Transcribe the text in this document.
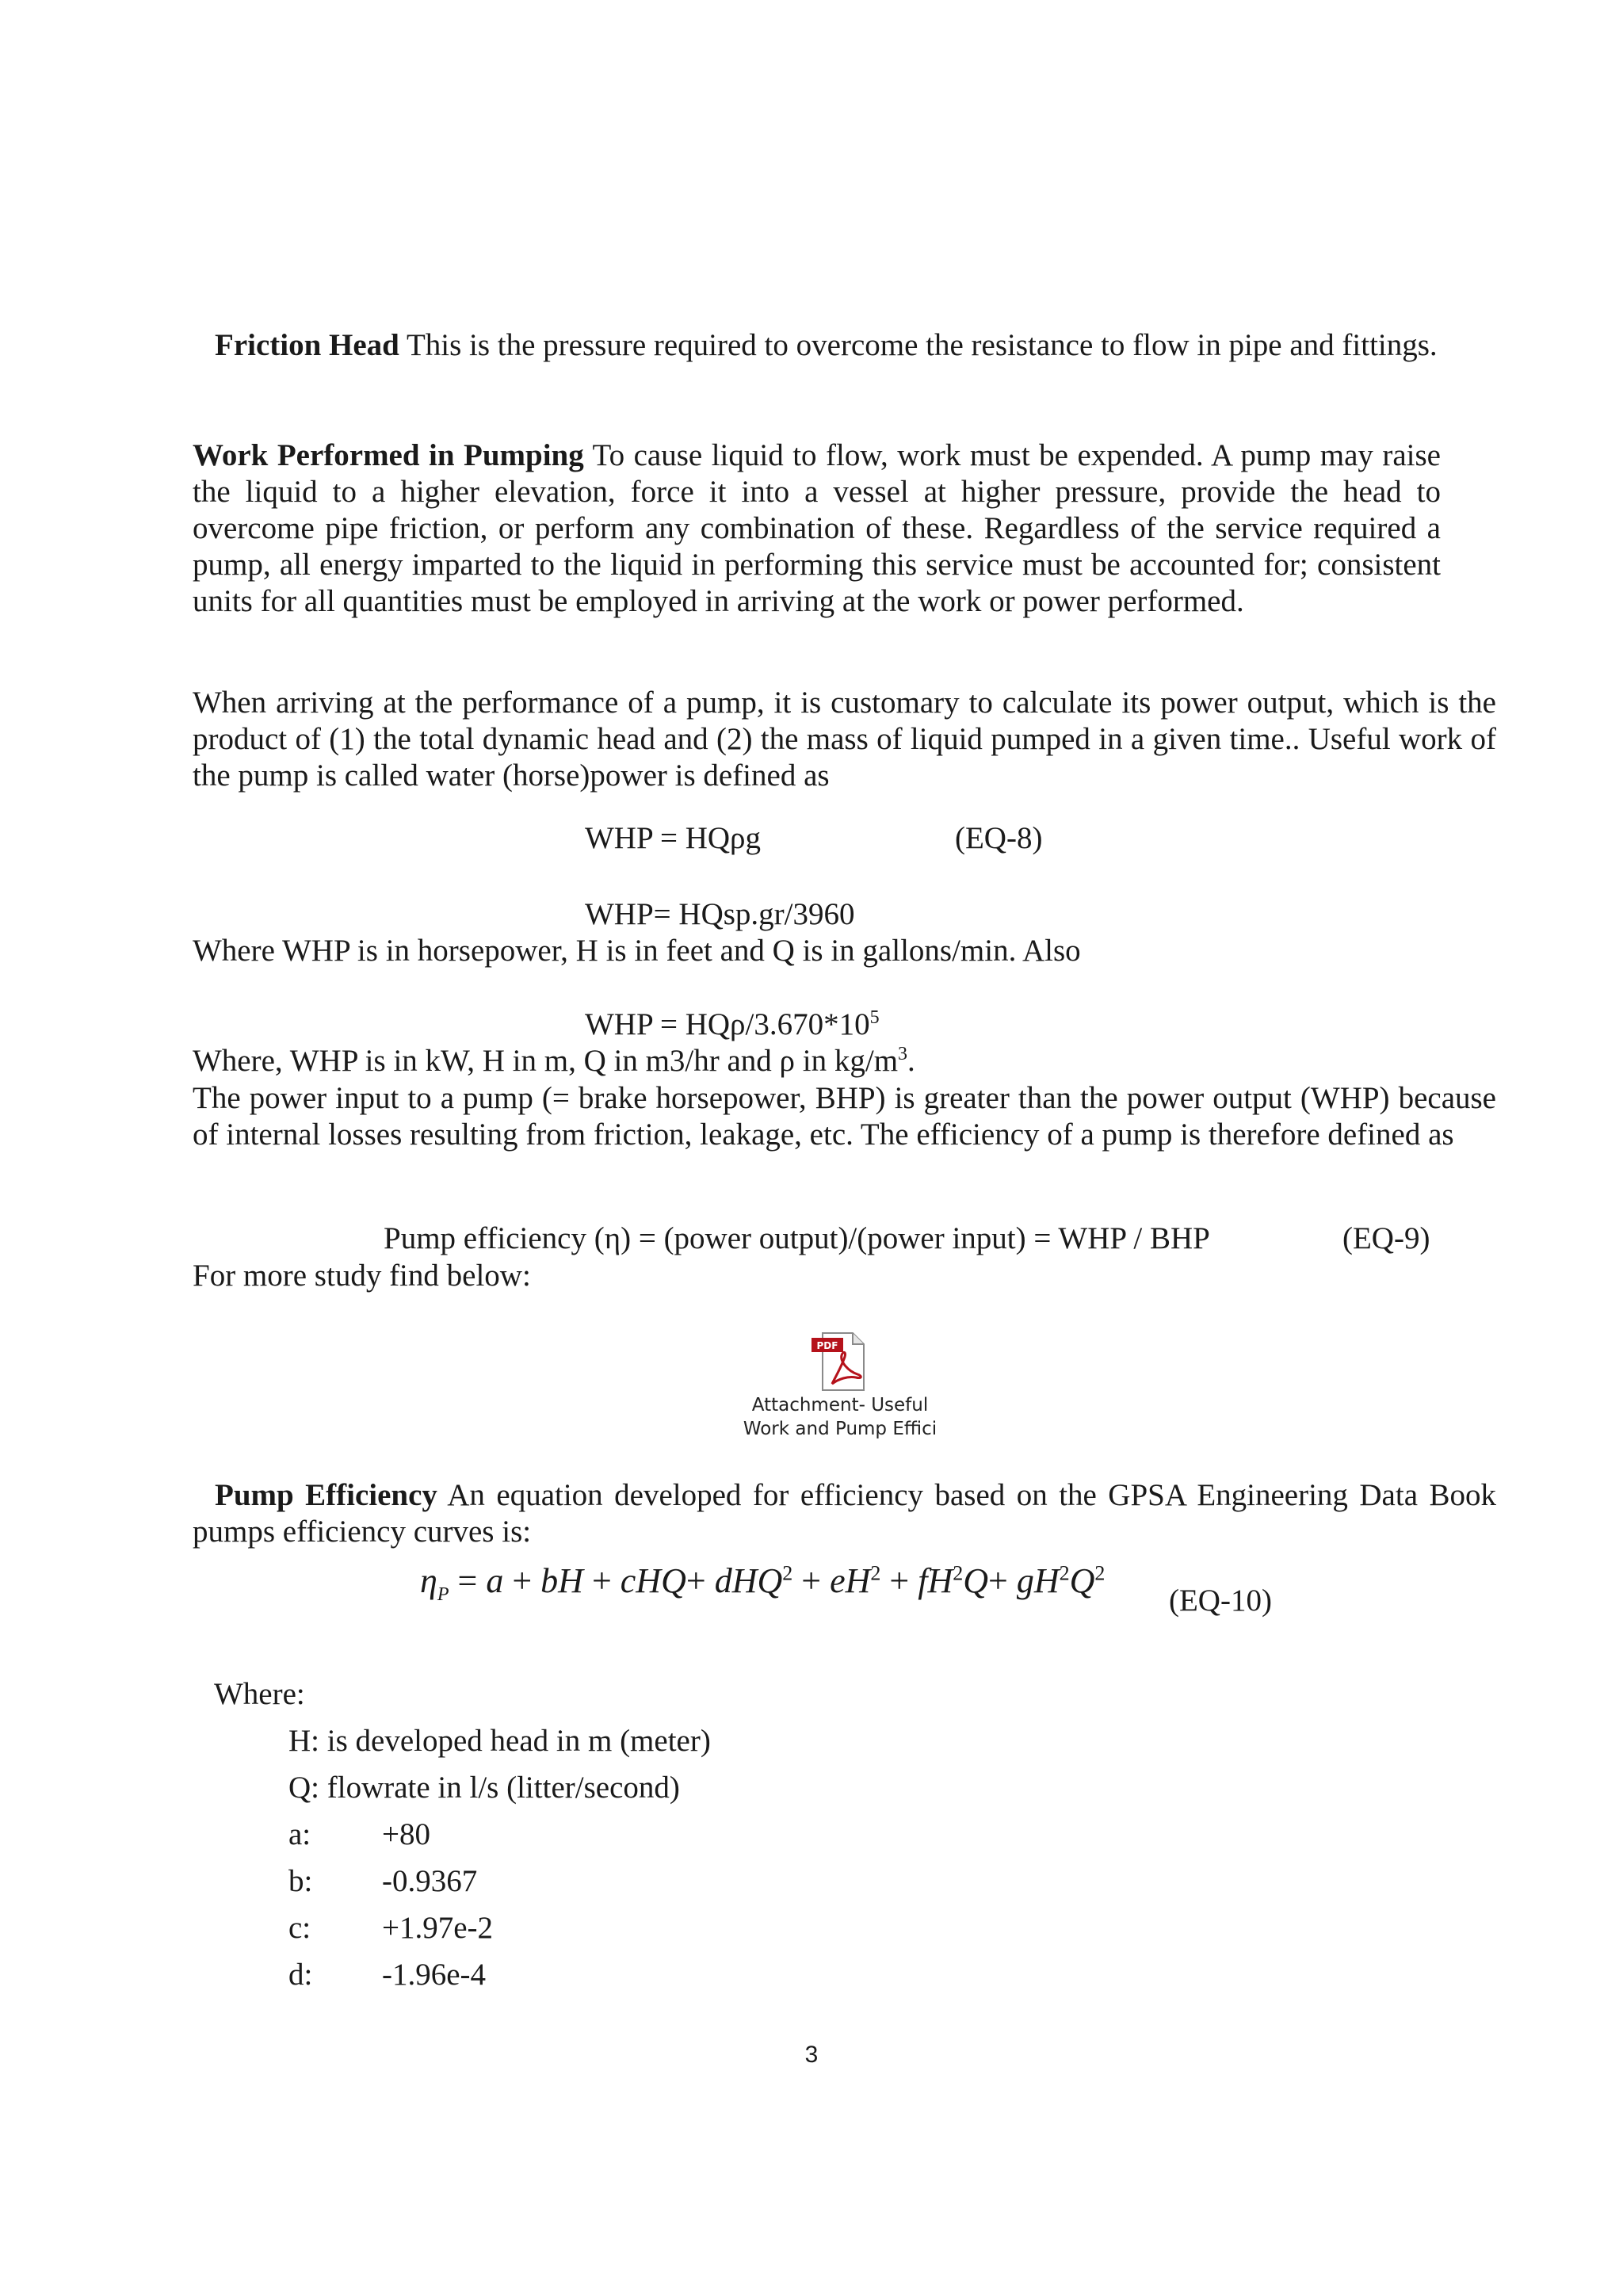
Friction Head This is the pressure required to overcome the resistance to flow in pipe and fittings.

Work Performed in Pumping To cause liquid to flow, work must be expended. A pump may raise the liquid to a higher elevation, force it into a vessel at higher pressure, provide the head to overcome pipe friction, or perform any combination of these. Regardless of the service required a pump, all energy imparted to the liquid in performing this service must be accounted for; consistent units for all quantities must be employed in arriving at the work or power performed.

When arriving at the performance of a pump, it is customary to calculate its power output, which is the product of (1) the total dynamic head and (2) the mass of liquid pumped in a given time.. Useful work of the pump is called water (horse)power is defined as

WHP = HQρg	(EQ-8)
WHP= HQsp.gr/3960
Where WHP is in horsepower, H is in feet and Q is in gallons/min. Also
WHP = HQρ/$3.670*10^5$
Where, WHP is in kW, H in m, Q in m3/hr and ρ in $kg/m^3$.

The power input to a pump (= brake horsepower, BHP) is greater than the power output (WHP) because of internal losses resulting from friction, leakage, etc. The efficiency of a pump is therefore defined as

Pump efficiency (η) = (power output)/(power input) = WHP / BHP	(EQ-9)
For more study find below:
PDF
Attachment- Useful
Work and Pump Effici

Pump Efficiency An equation developed for efficiency based on the GPSA Engineering Data Book pumps efficiency curves is:

$\eta_P = a$ + bH + $cHQ+ dHQ^2 + eH^2 + fH^2Q+ gH^2Q^2$
(EQ-10)
Where:
H: is developed head in m (meter)
Q: flowrate in l/s (litter/second)
a: +80
b: -0.9367
c: +1.97e-2
d: -1.96e-4
3
